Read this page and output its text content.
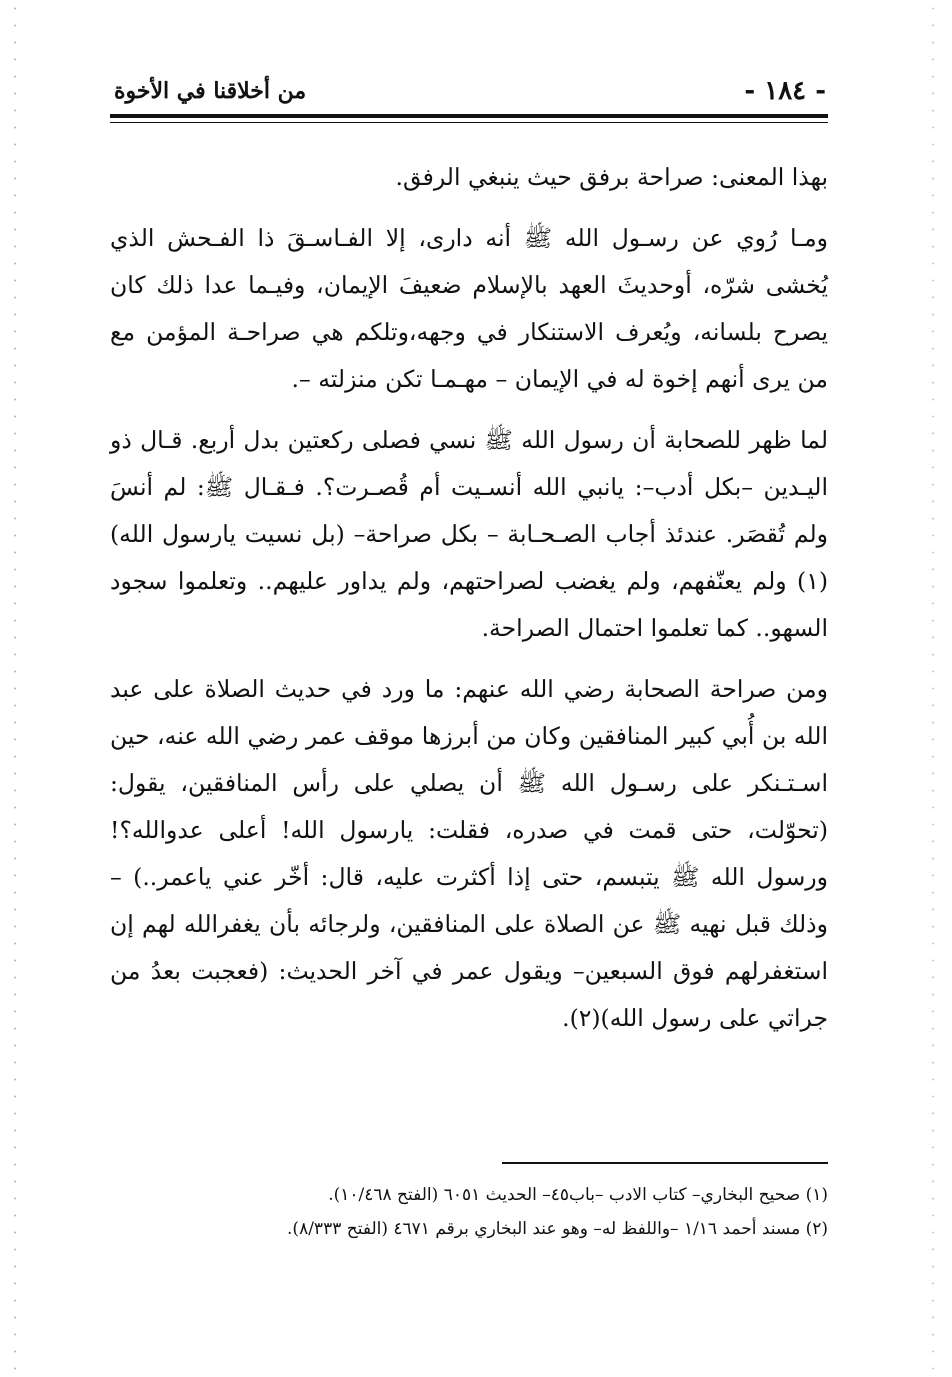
- ١٨٤ -
من أخلاقنا في الأخوة

بهذا المعنى: صراحة برفق حيث ينبغي الرفق.

ومـا رُوي عن رسـول الله ﷺ أنه دارى، إلا الفـاسـقَ ذا الفـحش الذي يُخشى شرّه، أوحديثَ العهد بالإسلام ضعيفَ الإيمان، وفيـما عدا ذلك كان يصرح بلسانه، ويُعرف الاستنكار في وجهه،وتلكم هي صراحـة المؤمن مع من يرى أنهم إخوة له في الإيمان – مهـمـا تكن منزلته –.

لما ظهر للصحابة أن رسول الله ﷺ نسي فصلى ركعتين بدل أربع. قـال ذو اليـدين –بكل أدب–: يانبي الله أنسـيت أم قُصـرت؟. فـقـال ﷺ: لم أنسَ ولم تُقصَر. عندئذ أجاب الصـحـابة – بكل صراحة– (بل نسيت يارسول الله)(١) ولم يعنّفهم، ولم يغضب لصراحتهم، ولم يداور عليهم.. وتعلموا سجود السهو.. كما تعلموا احتمال الصراحة.

ومن صراحة الصحابة رضي الله عنهم: ما ورد في حديث الصلاة على عبد الله بن أُبي كبير المنافقين وكان من أبرزها موقف عمر رضي الله عنه، حين اسـتـنكر على رسـول الله ﷺ أن يصلي على رأس المنافقين، يقول: (تحوّلت، حتى قمت في صدره، فقلت: يارسول الله! أعلى عدوالله؟! ورسول الله ﷺ يتبسم، حتى إذا أكثرت عليه، قال: أخّر عني ياعمر..) – وذلك قبل نهيه ﷺ عن الصلاة على المنافقين، ولرجائه بأن يغفرالله لهم إن استغفرلهم فوق السبعين– ويقول عمر في آخر الحديث: (فعجبت بعدُ من جراتي على رسول الله)(٢).

(١) صحيح البخاري– كتاب الادب –باب٤٥– الحديث ٦٠٥١ (الفتح ١٠/٤٦٨).

(٢) مسند أحمد ١/١٦ –واللفظ له– وهو عند البخاري برقم ٤٦٧١ (الفتح ٨/٣٣٣).
